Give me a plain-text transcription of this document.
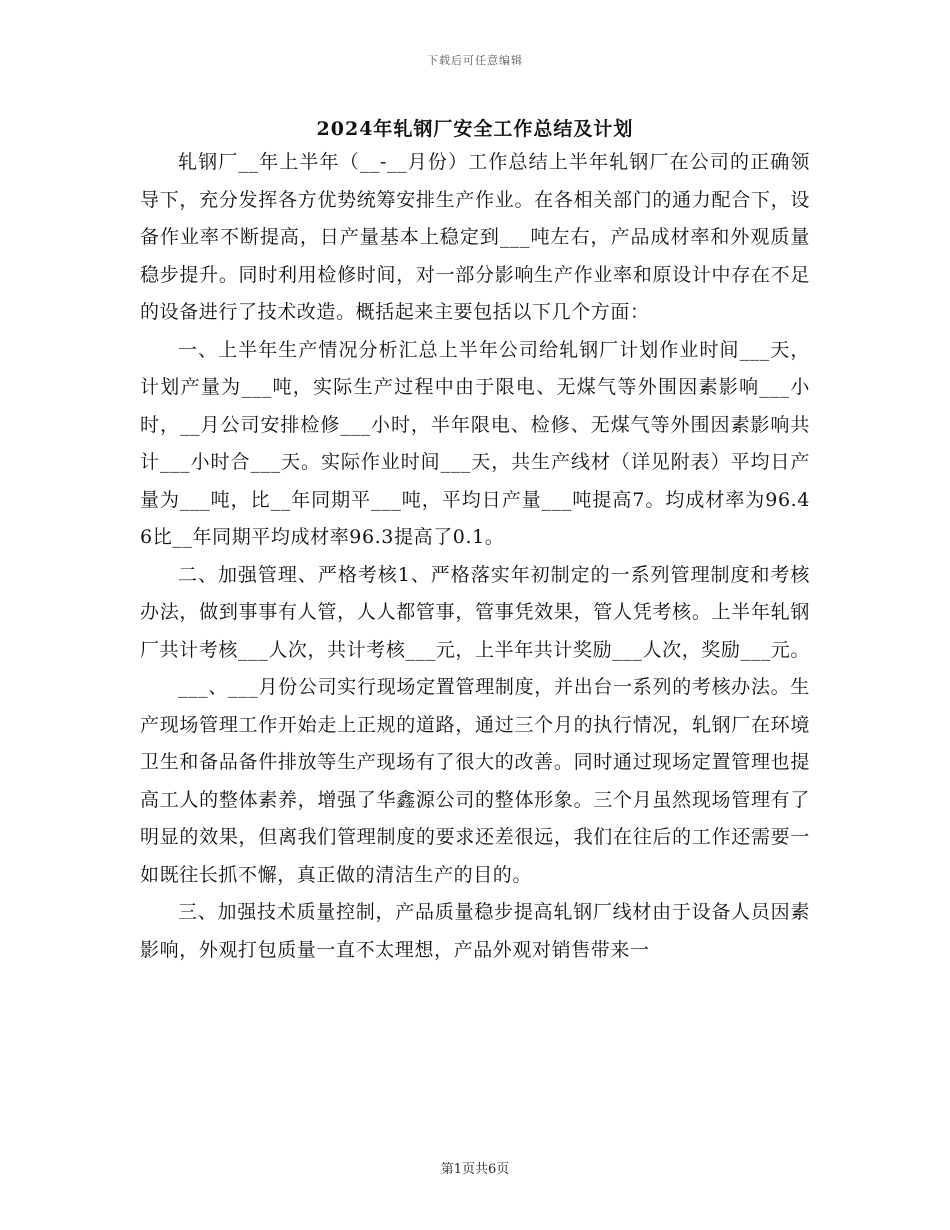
下载后可任意编辑
2024年轧钢厂安全工作总结及计划

轧钢厂__年上半年（__-__月份）工作总结上半年轧钢厂在公司的正确领导下，充分发挥各方优势统筹安排生产作业。在各相关部门的通力配合下，设备作业率不断提高，日产量基本上稳定到___吨左右，产品成材率和外观质量稳步提升。同时利用检修时间，对一部分影响生产作业率和原设计中存在不足的设备进行了技术改造。概括起来主要包括以下几个方面：

一、上半年生产情况分析汇总上半年公司给轧钢厂计划作业时间___天，计划产量为___吨，实际生产过程中由于限电、无煤气等外围因素影响___小时，__月公司安排检修___小时，半年限电、检修、无煤气等外围因素影响共计___小时合___天。实际作业时间___天，共生产线材（详见附表）平均日产量为___吨，比__年同期平___吨，平均日产量___吨提高7。均成材率为96.46比__年同期平均成材率96.3提高了0.1。

二、加强管理、严格考核1、严格落实年初制定的一系列管理制度和考核办法，做到事事有人管，人人都管事，管事凭效果，管人凭考核。上半年轧钢厂共计考核___人次，共计考核___元，上半年共计奖励___人次，奖励___元。

___、___月份公司实行现场定置管理制度，并出台一系列的考核办法。生产现场管理工作开始走上正规的道路，通过三个月的执行情况，轧钢厂在环境卫生和备品备件排放等生产现场有了很大的改善。同时通过现场定置管理也提高工人的整体素养，增强了华鑫源公司的整体形象。三个月虽然现场管理有了明显的效果，但离我们管理制度的要求还差很远，我们在往后的工作还需要一如既往长抓不懈，真正做的清洁生产的目的。

三、加强技术质量控制，产品质量稳步提高轧钢厂线材由于设备人员因素影响，外观打包质量一直不太理想，产品外观对销售带来一

第1页共6页
